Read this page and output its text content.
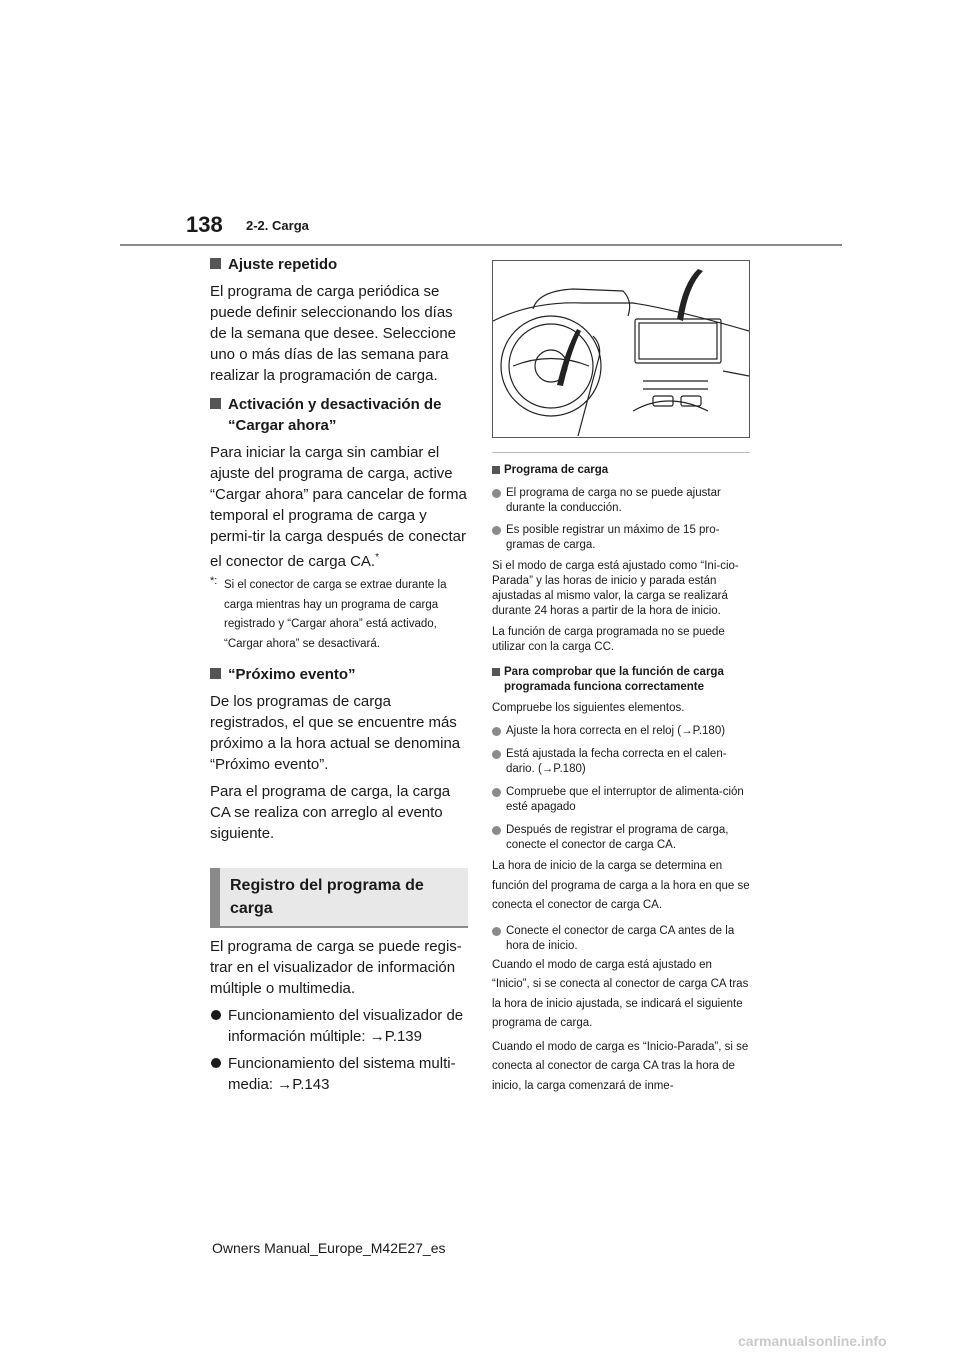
138 2-2. Carga

Ajuste repetido

El programa de carga periódica se puede definir seleccionando los días de la semana que desee. Seleccione uno o más días de las semana para realizar la programación de carga.

Activación y desactivación de “Cargar ahora”

Para iniciar la carga sin cambiar el ajuste del programa de carga, active “Cargar ahora” para cancelar de forma temporal el programa de carga y permi-tir la carga después de conectar el conector de carga CA.*

*: Si el conector de carga se extrae durante la carga mientras hay un programa de carga registrado y “Cargar ahora” está activado, “Cargar ahora” se desactivará.

“Próximo evento”

De los programas de carga registrados, el que se encuentre más próximo a la hora actual se denomina “Próximo evento”.

Para el programa de carga, la carga CA se realiza con arreglo al evento siguiente.

Registro del programa de carga

El programa de carga se puede regis-trar en el visualizador de información múltiple o multimedia.

Funcionamiento del visualizador de información múltiple: →P.139

Funcionamiento del sistema multi-media: →P.143

Programa de carga

El programa de carga no se puede ajustar durante la conducción.

Es posible registrar un máximo de 15 pro-gramas de carga.

Si el modo de carga está ajustado como “Ini-cio-Parada” y las horas de inicio y parada están ajustadas al mismo valor, la carga se realizará durante 24 horas a partir de la hora de inicio.

La función de carga programada no se puede utilizar con la carga CC.

Para comprobar que la función de carga programada funciona correctamente

Compruebe los siguientes elementos.

Ajuste la hora correcta en el reloj (→P.180)

Está ajustada la fecha correcta en el calen-dario. (→P.180)

Compruebe que el interruptor de alimenta-ción esté apagado

Después de registrar el programa de carga, conecte el conector de carga CA.

La hora de inicio de la carga se determina en función del programa de carga a la hora en que se conecta el conector de carga CA.

Conecte el conector de carga CA antes de la hora de inicio.

Cuando el modo de carga está ajustado en “Inicio”, si se conecta al conector de carga CA tras la hora de inicio ajustada, se indicará el siguiente programa de carga.

Cuando el modo de carga es “Inicio-Parada”, si se conecta al conector de carga CA tras la hora de inicio, la carga comenzará de inme-

Owners Manual_Europe_M42E27_es
carmanualsonline.info
